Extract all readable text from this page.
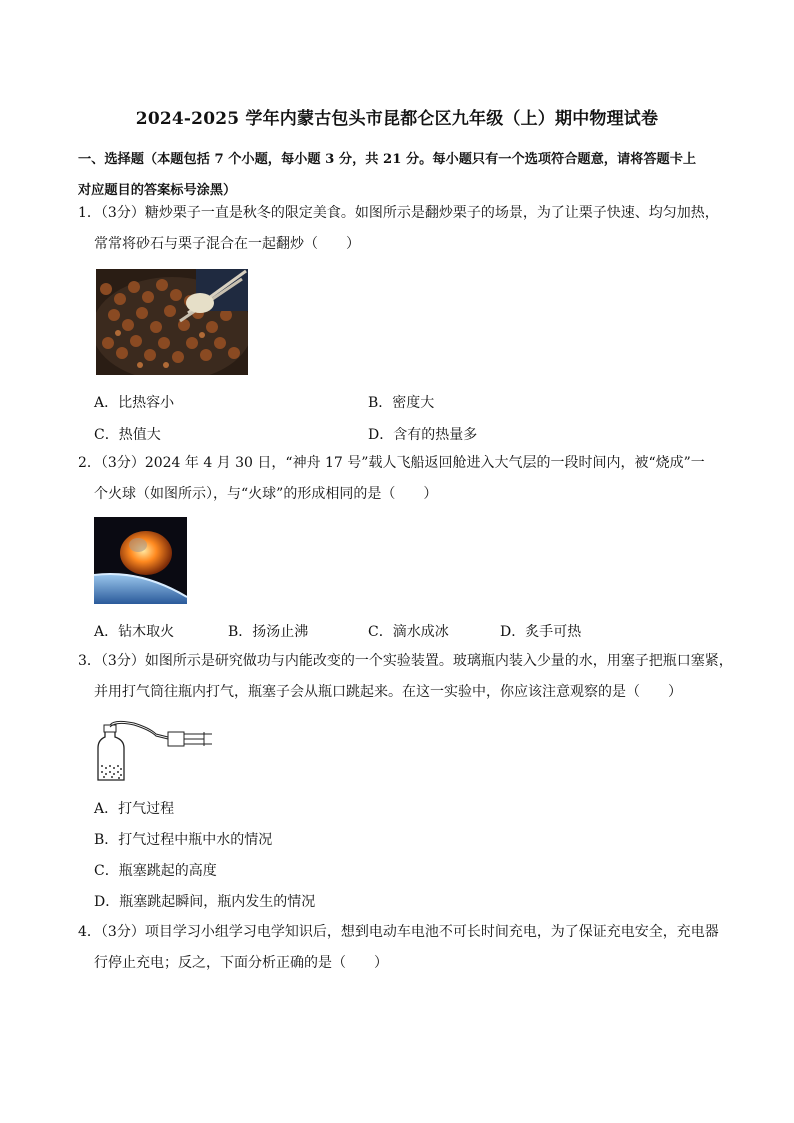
2024-2025 学年内蒙古包头市昆都仑区九年级（上）期中物理试卷
一、选择题（本题包括 7 个小题，每小题 3 分，共 21 分。每小题只有一个选项符合题意，请将答题卡上
对应题目的答案标号涂黑）
1．（3分）糖炒栗子一直是秋冬的限定美食。如图所示是翻炒栗子的场景，为了让栗子快速、均匀加热，
常常将砂石与栗子混合在一起翻炒（　　）
A．比热容小	B．密度大
C．热值大	D．含有的热量多
2．（3分）2024 年 4 月 30 日，“神舟 17 号”载人飞船返回舱进入大气层的一段时间内，被“烧成”一
个火球（如图所示），与“火球”的形成相同的是（　　）
A．钻木取火	B．扬汤止沸	C．滴水成冰	D．炙手可热
3．（3分）如图所示是研究做功与内能改变的一个实验装置。玻璃瓶内装入少量的水，用塞子把瓶口塞紧，
并用打气筒往瓶内打气，瓶塞子会从瓶口跳起来。在这一实验中，你应该注意观察的是（　　）
A．打气过程
B．打气过程中瓶中水的情况
C．瓶塞跳起的高度
D．瓶塞跳起瞬间，瓶内发生的情况
4．（3分）项目学习小组学习电学知识后，想到电动车电池不可长时间充电，为了保证充电安全，充电器
行停止充电；反之，下面分析正确的是（　　）
